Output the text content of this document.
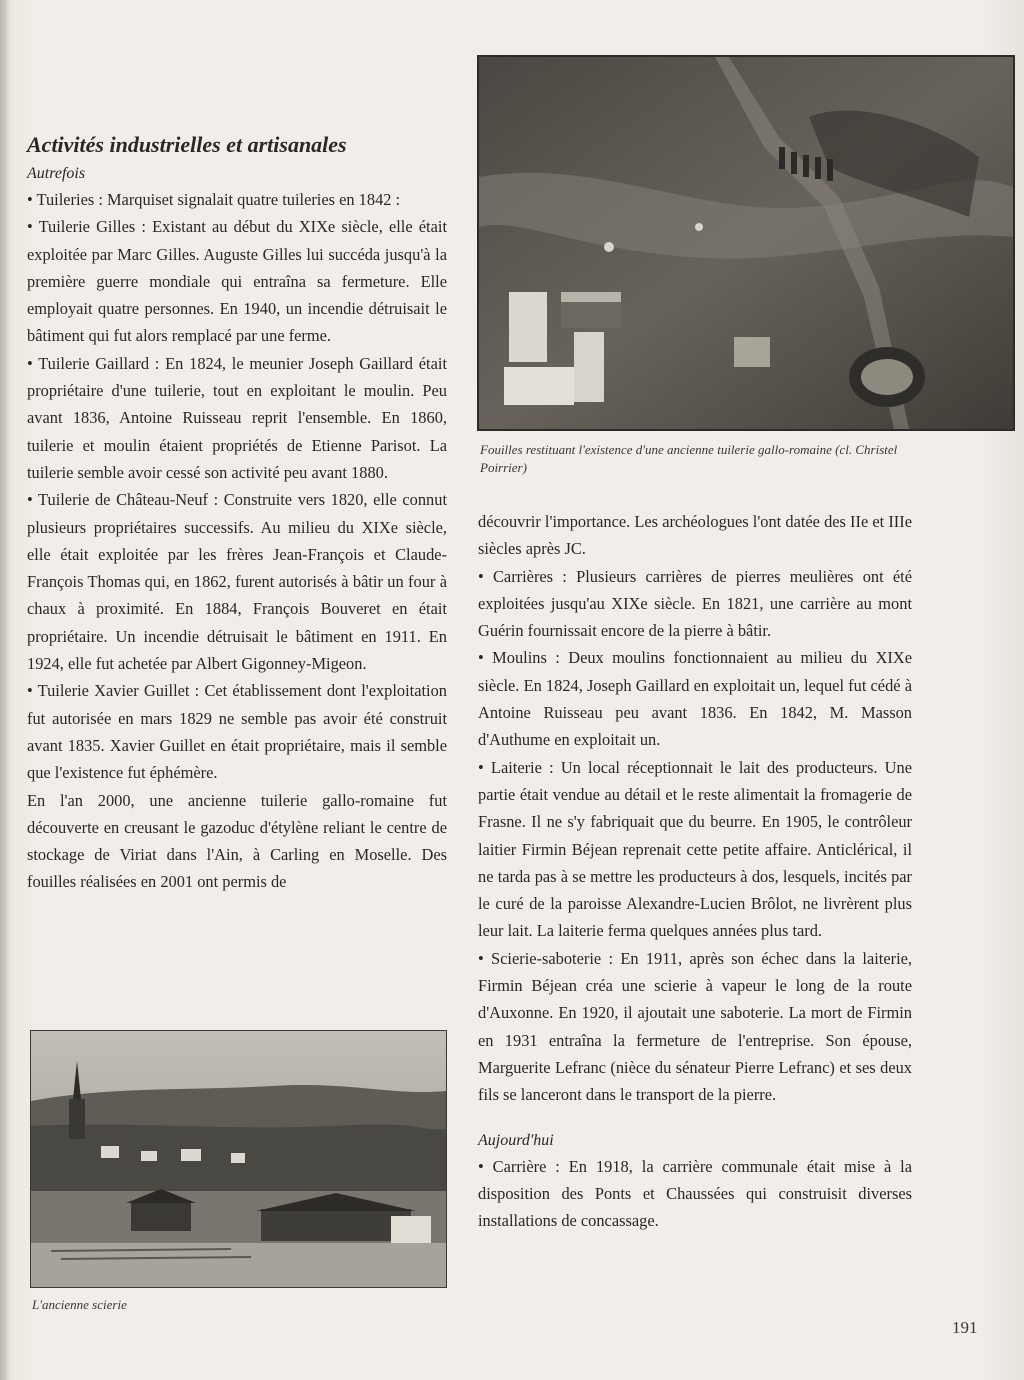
Fouilles restituant l'existence d'une ancienne tuilerie gallo-romaine (cl. Christel Poirrier)
Activités industrielles et artisanales

Autrefois

• Tuileries : Marquiset signalait quatre tuileries en 1842 :

• Tuilerie Gilles : Existant au début du XIXe siècle, elle était exploitée par Marc Gilles. Auguste Gilles lui succéda jusqu'à la première guerre mondiale qui entraîna sa fermeture. Elle employait quatre personnes. En 1940, un incendie détruisait le bâtiment qui fut alors remplacé par une ferme.

• Tuilerie Gaillard : En 1824, le meunier Joseph Gaillard était propriétaire d'une tuilerie, tout en exploitant le moulin. Peu avant 1836, Antoine Ruisseau reprit l'ensemble. En 1860, tuilerie et moulin étaient propriétés de Etienne Parisot. La tuilerie semble avoir cessé son activité peu avant 1880.

• Tuilerie de Château-Neuf : Construite vers 1820, elle connut plusieurs propriétaires successifs. Au milieu du XIXe siècle, elle était exploitée par les frères Jean-François et Claude-François Thomas qui, en 1862, furent autorisés à bâtir un four à chaux à proximité. En 1884, François Bouveret en était propriétaire. Un incendie détruisait le bâtiment en 1911. En 1924, elle fut achetée par Albert Gigonney-Migeon.

• Tuilerie Xavier Guillet : Cet établissement dont l'exploitation fut autorisée en mars 1829 ne semble pas avoir été construit avant 1835. Xavier Guillet en était propriétaire, mais il semble que l'existence fut éphémère.

En l'an 2000, une ancienne tuilerie gallo-romaine fut découverte en creusant le gazoduc d'étylène reliant le centre de stockage de Viriat dans l'Ain, à Carling en Moselle. Des fouilles réalisées en 2001 ont permis de

L'ancienne scierie

découvrir l'importance. Les archéologues l'ont datée des IIe et IIIe siècles après JC.

• Carrières : Plusieurs carrières de pierres meulières ont été exploitées jusqu'au XIXe siècle. En 1821, une carrière au mont Guérin fournissait encore de la pierre à bâtir.

• Moulins : Deux moulins fonctionnaient au milieu du XIXe siècle. En 1824, Joseph Gaillard en exploitait un, lequel fut cédé à Antoine Ruisseau peu avant 1836. En 1842, M. Masson d'Authume en exploitait un.

• Laiterie : Un local réceptionnait le lait des producteurs. Une partie était vendue au détail et le reste alimentait la fromagerie de Frasne. Il ne s'y fabriquait que du beurre. En 1905, le contrôleur laitier Firmin Béjean reprenait cette petite affaire. Anticlérical, il ne tarda pas à se mettre les producteurs à dos, lesquels, incités par le curé de la paroisse Alexandre-Lucien Brôlot, ne livrèrent plus leur lait. La laiterie ferma quelques années plus tard.

• Scierie-saboterie : En 1911, après son échec dans la laiterie, Firmin Béjean créa une scierie à vapeur le long de la route d'Auxonne. En 1920, il ajoutait une saboterie. La mort de Firmin en 1931 entraîna la fermeture de l'entreprise. Son épouse, Marguerite Lefranc (nièce du sénateur Pierre Lefranc) et ses deux fils se lanceront dans le transport de la pierre.

Aujourd'hui

• Carrière : En 1918, la carrière communale était mise à la disposition des Ponts et Chaussées qui construisit diverses installations de concassage.

191
